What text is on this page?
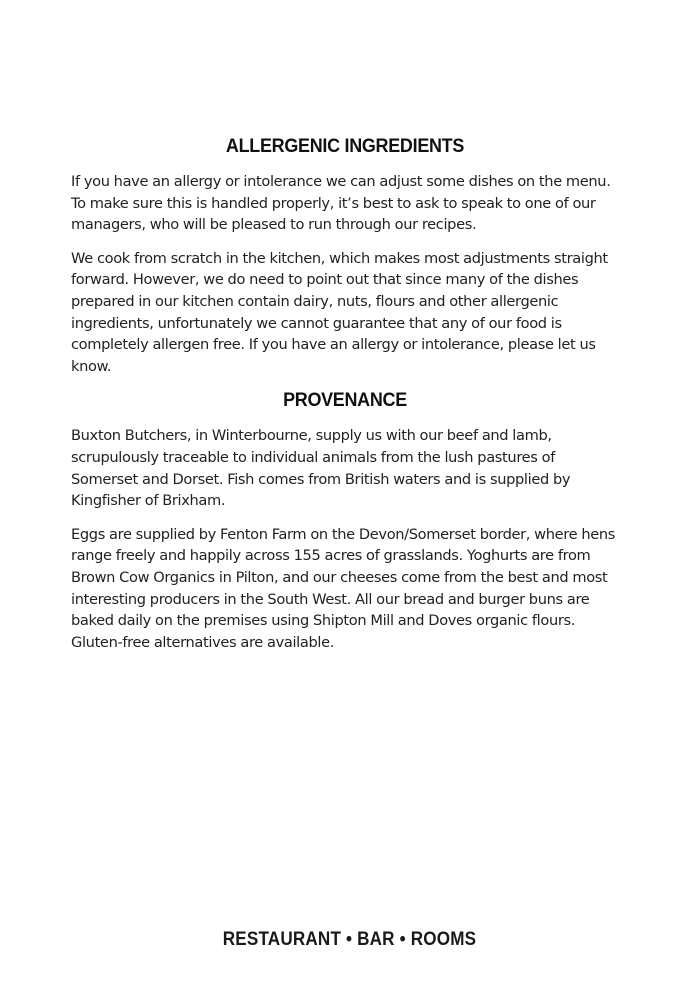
ALLERGENIC INGREDIENTS

If you have an allergy or intolerance we can adjust some dishes on the menu. To make sure this is handled properly, it’s best to ask to speak to one of our managers, who will be pleased to run through our recipes.

We cook from scratch in the kitchen, which makes most adjustments straight forward. However, we do need to point out that since many of the dishes prepared in our kitchen contain dairy, nuts, flours and other allergenic ingredients, unfortunately we cannot guarantee that any of our food is completely allergen free. If you have an allergy or intolerance, please let us know.

PROVENANCE

Buxton Butchers, in Winterbourne, supply us with our beef and lamb, scrupulously traceable to individual animals from the lush pastures of Somerset and Dorset. Fish comes from British waters and is supplied by Kingfisher of Brixham.

Eggs are supplied by Fenton Farm on the Devon/Somerset border, where hens range freely and happily across 155 acres of grasslands. Yoghurts are from Brown Cow Organics in Pilton, and our cheeses come from the best and most interesting producers in the South West. All our bread and burger buns are baked daily on the premises using Shipton Mill and Doves organic flours. Gluten-free alternatives are available.

RESTAURANT • BAR • ROOMS
